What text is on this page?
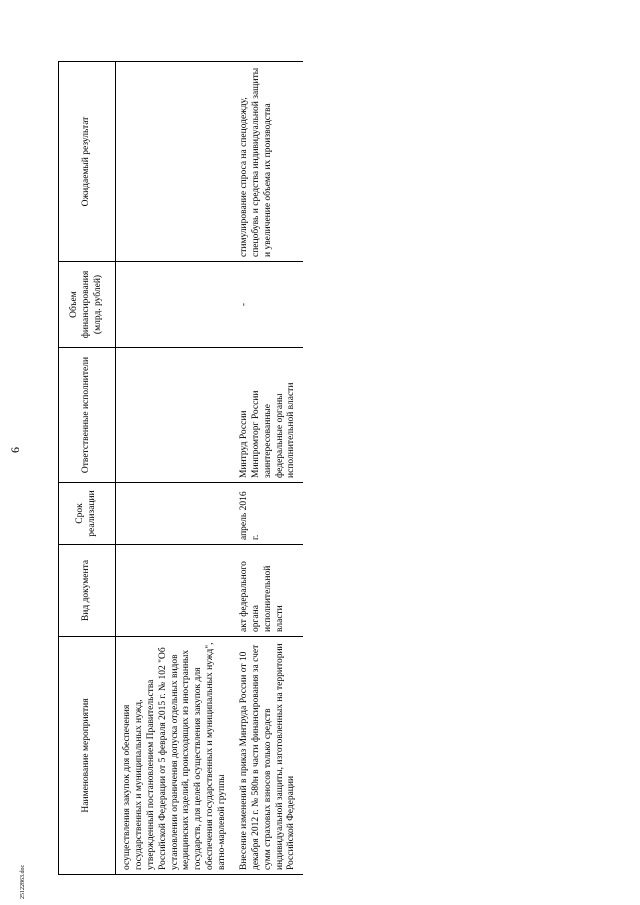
6
25122863.doc
Наименование мероприятия	Вид документа	Срок реализации	Ответственные исполнители	Объем финансирования (млрд. рублей)	Ожидаемый результат
осуществления закупок для обеспечения государственных и муниципальных нужд, утвержденный постановлением Правительства Российской Федерации от 5 февраля 2015 г. № 102 "Об установлении ограничения допуска отдельных видов медицинских изделий, происходящих из иностранных государств, для целей осуществления закупок для обеспечения государственных и муниципальных нужд", ватно-марлевой группы					
Внесение изменений в приказ Минтруда России от 10 декабря 2012 г. № 580н в части финансирования за счет сумм страховых взносов только средств индивидуальной защиты, изготовленных на территории Российской Федерации	акт федерального органа исполнительной власти	апрель 2016 г.	Минтруд России Минпромторг России заинтересованные федеральные органы исполнительной власти	-	стимулирование спроса на спецодежду, спецобувь и средства индивидуальной защиты и увеличение объема их производства
